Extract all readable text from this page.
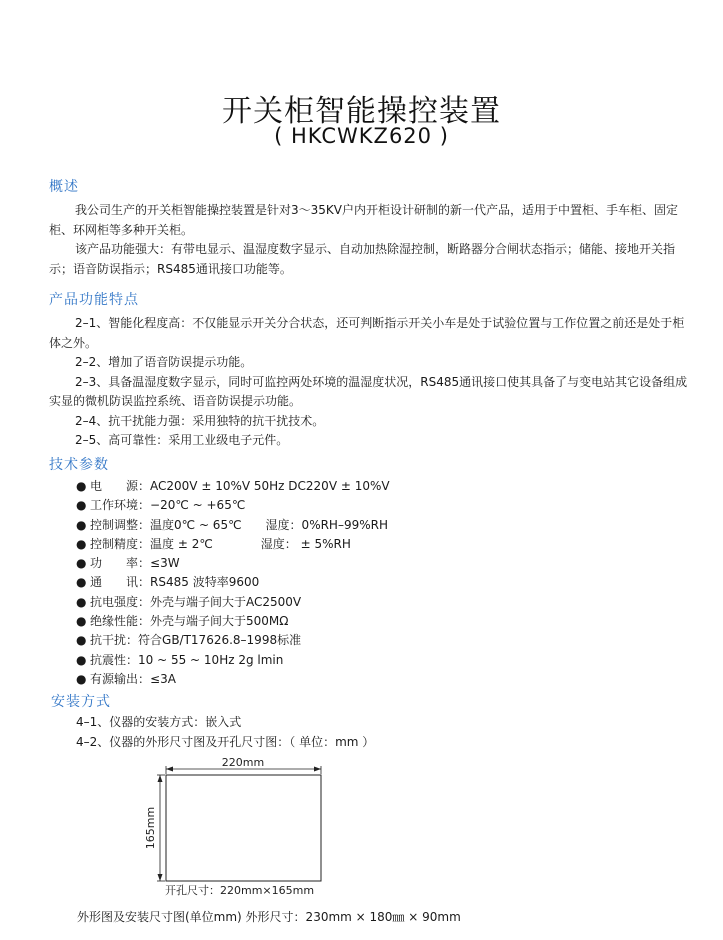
开关柜智能操控装置
( HKCWKZ620 )
概述

我公司生产的开关柜智能操控装置是针对3～35KV户内开柜设计研制的新一代产品，适用于中置柜、手车柜、固定柜、环网柜等多种开关柜。

该产品功能强大：有带电显示、温湿度数字显示、自动加热除湿控制，断路器分合闸状态指示；储能、接地开关指示；语音防误指示；RS485通讯接口功能等。

产品功能特点

2–1、智能化程度高：不仅能显示开关分合状态，还可判断指示开关小车是处于试验位置与工作位置之前还是处于柜体之外。

2–2、增加了语音防误提示功能。

2–3、具备温湿度数字显示，同时可监控两处环境的温湿度状况，RS485通讯接口使其具备了与变电站其它设备组成实显的微机防误监控系统、语音防误提示功能。

2–4、抗干扰能力强：采用独特的抗干扰技术。

2–5、高可靠性：采用工业级电子元件。

技术参数
● 电　　源：AC200V ± 10%V 50Hz DC220V ± 10%V
● 工作环境：−20℃ ~ +65℃
● 控制调整：温度0℃ ~ 65℃　　湿度：0%RH–99%RH
● 控制精度：温度 ± 2℃　　　　湿度： ± 5%RH
● 功　　率：≤3W
● 通　　讯：RS485 波特率9600
● 抗电强度：外壳与端子间大于AC2500V
● 绝缘性能：外壳与端子间大于500MΩ
● 抗干扰：符合GB/T17626.8–1998标准
● 抗震性：10 ~ 55 ~ 10Hz 2g lmin
● 有源输出：≤3A
安装方式
4–1、仪器的安装方式：嵌入式
4–2、仪器的外形尺寸图及开孔尺寸图：（ 单位：mm ）
220mm
165mm
开孔尺寸：220mm×165mm
外形图及安装尺寸图(单位mm) 外形尺寸：230mm × 180㎜ × 90mm
